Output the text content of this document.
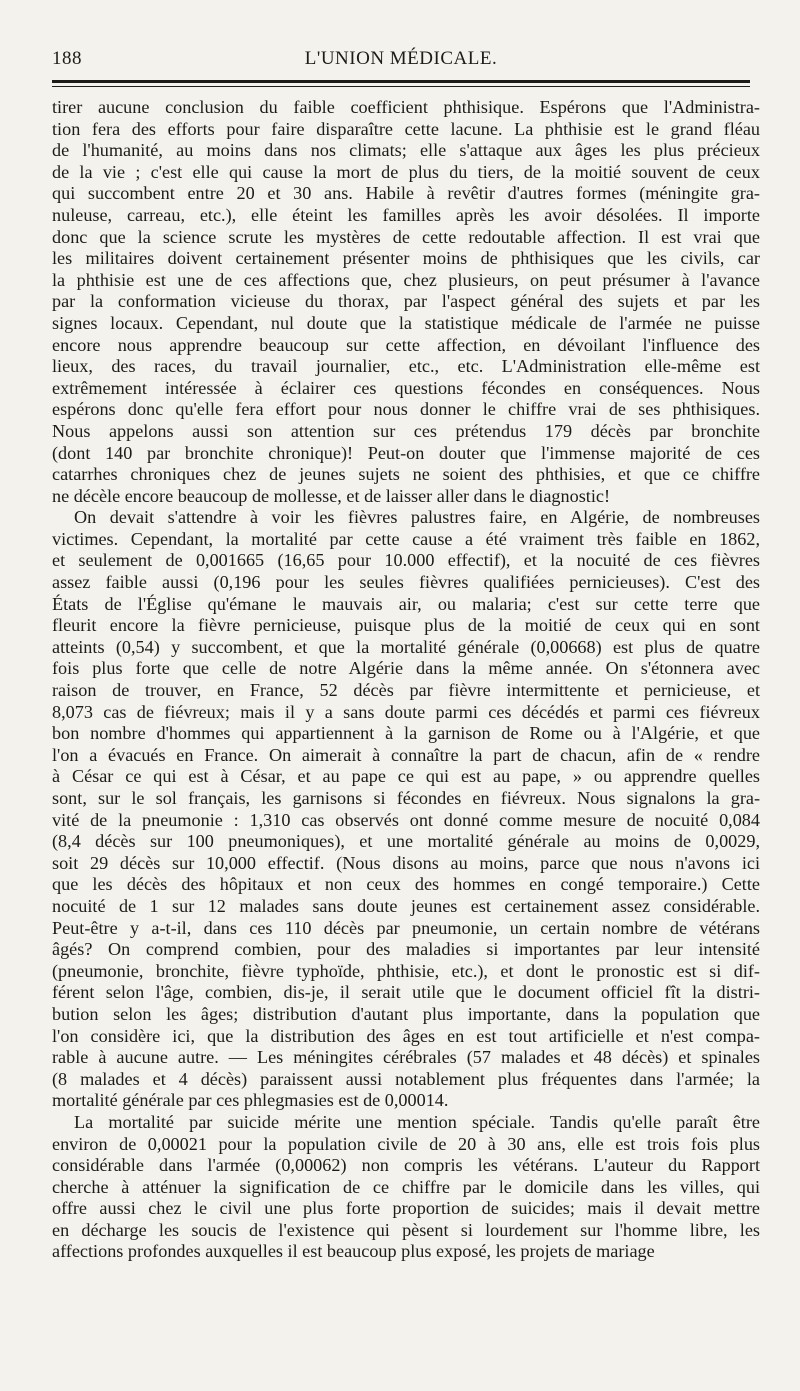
188	L'UNION MÉDICALE.
tirer aucune conclusion du faible coefficient phthisique. Espérons que l'Administra-
tion fera des efforts pour faire disparaître cette lacune. La phthisie est le grand fléau
de l'humanité, au moins dans nos climats; elle s'attaque aux âges les plus précieux
de la vie ; c'est elle qui cause la mort de plus du tiers, de la moitié souvent de ceux
qui succombent entre 20 et 30 ans. Habile à revêtir d'autres formes (méningite gra-
nuleuse, carreau, etc.), elle éteint les familles après les avoir désolées. Il importe
donc que la science scrute les mystères de cette redoutable affection. Il est vrai que
les militaires doivent certainement présenter moins de phthisiques que les civils, car
la phthisie est une de ces affections que, chez plusieurs, on peut présumer à l'avance
par la conformation vicieuse du thorax, par l'aspect général des sujets et par les
signes locaux. Cependant, nul doute que la statistique médicale de l'armée ne puisse
encore nous apprendre beaucoup sur cette affection, en dévoilant l'influence des
lieux, des races, du travail journalier, etc., etc. L'Administration elle-même est
extrêmement intéressée à éclairer ces questions fécondes en conséquences. Nous
espérons donc qu'elle fera effort pour nous donner le chiffre vrai de ses phthisiques.
Nous appelons aussi son attention sur ces prétendus 179 décès par bronchite
(dont 140 par bronchite chronique)! Peut-on douter que l'immense majorité de ces
catarrhes chroniques chez de jeunes sujets ne soient des phthisies, et que ce chiffre
ne décèle encore beaucoup de mollesse, et de laisser aller dans le diagnostic!
On devait s'attendre à voir les fièvres palustres faire, en Algérie, de nombreuses
victimes. Cependant, la mortalité par cette cause a été vraiment très faible en 1862,
et seulement de 0,001665 (16,65 pour 10.000 effectif), et la nocuité de ces fièvres
assez faible aussi (0,196 pour les seules fièvres qualifiées pernicieuses). C'est des
États de l'Église qu'émane le mauvais air, ou malaria; c'est sur cette terre que
fleurit encore la fièvre pernicieuse, puisque plus de la moitié de ceux qui en sont
atteints (0,54) y succombent, et que la mortalité générale (0,00668) est plus de quatre
fois plus forte que celle de notre Algérie dans la même année. On s'étonnera avec
raison de trouver, en France, 52 décès par fièvre intermittente et pernicieuse, et
8,073 cas de fiévreux; mais il y a sans doute parmi ces décédés et parmi ces fiévreux
bon nombre d'hommes qui appartiennent à la garnison de Rome ou à l'Algérie, et que
l'on a évacués en France. On aimerait à connaître la part de chacun, afin de « rendre
à César ce qui est à César, et au pape ce qui est au pape, » ou apprendre quelles
sont, sur le sol français, les garnisons si fécondes en fiévreux. Nous signalons la gra-
vité de la pneumonie : 1,310 cas observés ont donné comme mesure de nocuité 0,084
(8,4 décès sur 100 pneumoniques), et une mortalité générale au moins de 0,0029,
soit 29 décès sur 10,000 effectif. (Nous disons au moins, parce que nous n'avons ici
que les décès des hôpitaux et non ceux des hommes en congé temporaire.) Cette
nocuité de 1 sur 12 malades sans doute jeunes est certainement assez considérable.
Peut-être y a-t-il, dans ces 110 décès par pneumonie, un certain nombre de vétérans
âgés? On comprend combien, pour des maladies si importantes par leur intensité
(pneumonie, bronchite, fièvre typhoïde, phthisie, etc.), et dont le pronostic est si dif-
férent selon l'âge, combien, dis-je, il serait utile que le document officiel fît la distri-
bution selon les âges; distribution d'autant plus importante, dans la population que
l'on considère ici, que la distribution des âges en est tout artificielle et n'est compa-
rable à aucune autre. — Les méningites cérébrales (57 malades et 48 décès) et spinales
(8 malades et 4 décès) paraissent aussi notablement plus fréquentes dans l'armée; la
mortalité générale par ces phlegmasies est de 0,00014.
La mortalité par suicide mérite une mention spéciale. Tandis qu'elle paraît être
environ de 0,00021 pour la population civile de 20 à 30 ans, elle est trois fois plus
considérable dans l'armée (0,00062) non compris les vétérans. L'auteur du Rapport
cherche à atténuer la signification de ce chiffre par le domicile dans les villes, qui
offre aussi chez le civil une plus forte proportion de suicides; mais il devait mettre
en décharge les soucis de l'existence qui pèsent si lourdement sur l'homme libre, les
affections profondes auxquelles il est beaucoup plus exposé, les projets de mariage
